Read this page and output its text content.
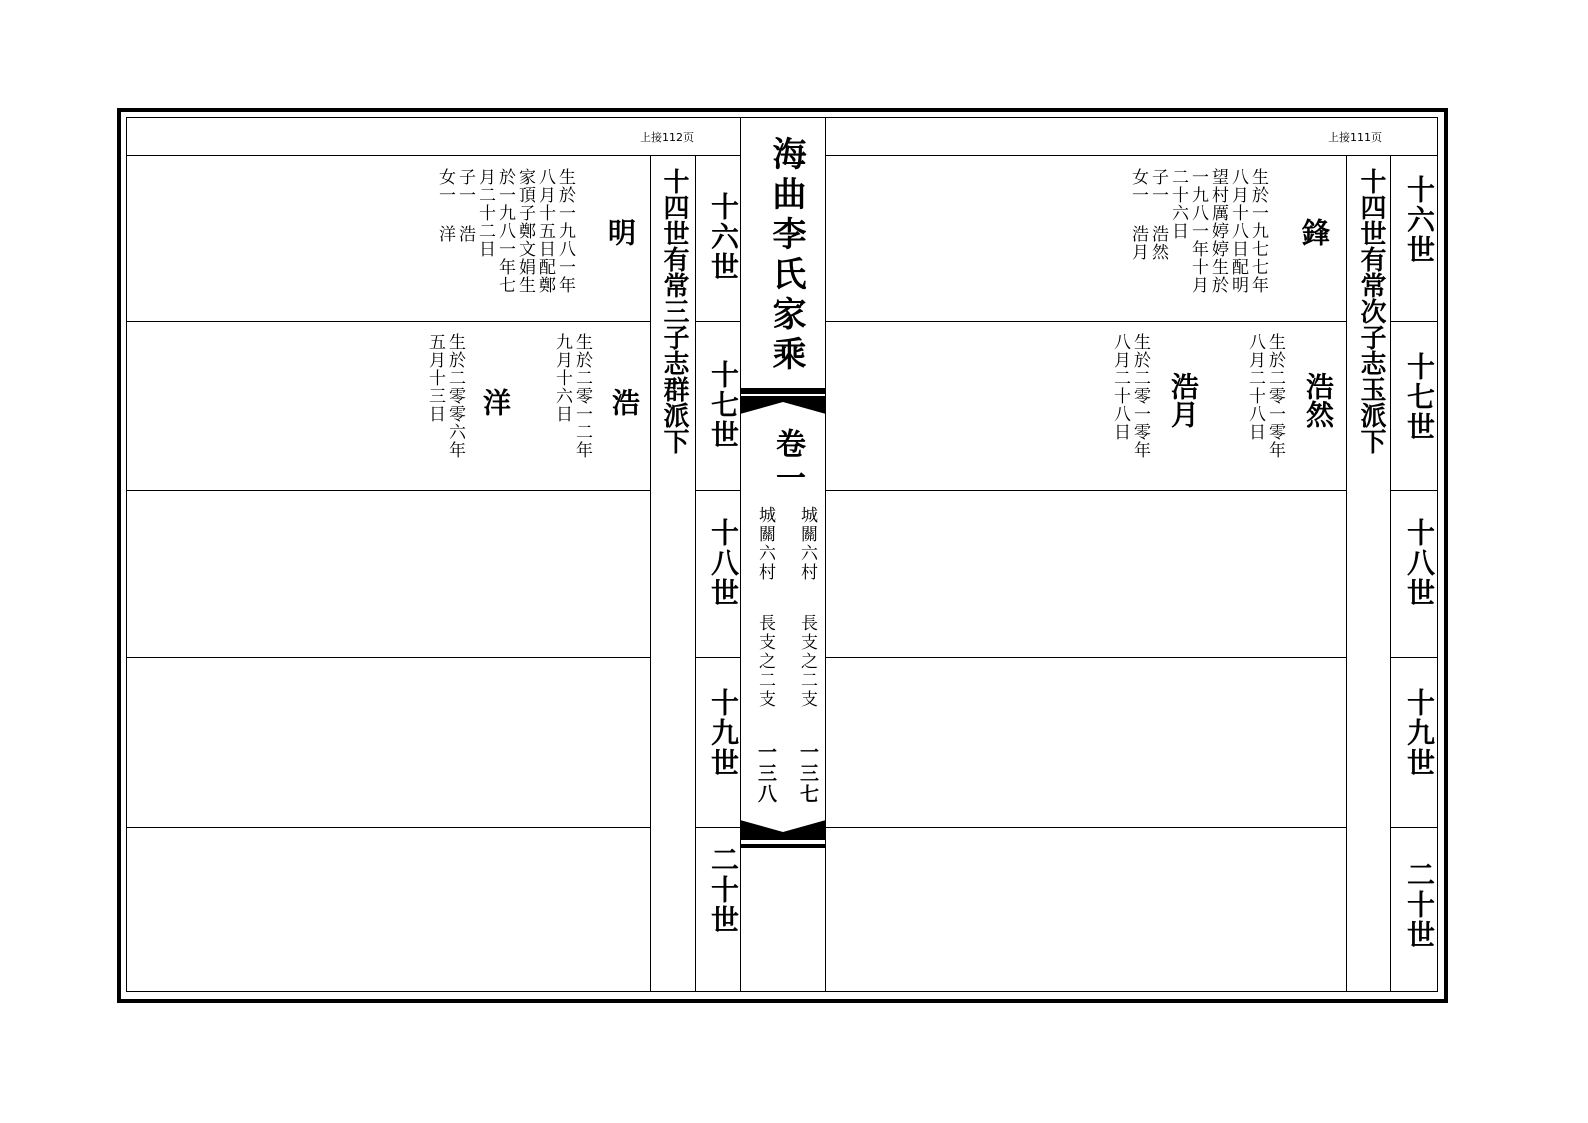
上接112页	上接111页
十四世有常三子志群派下	十四世有常次子志玉派下
十六世
十七世
十八世
十九世
二十世
十六世
十七世
十八世
十九世
二十世
海曲李氏家乘
卷一
城關六村
長支之二支
一三七
城關六村
長支之二支
一三八
明
生於一九八一年
八月十五日配鄭
家頂子鄭文娟生
於一九八一年七
月二十二日
子一 浩
女一 洋
浩
生於二零一二年
九月十六日
洋
生於二零零六年
五月十三日
鋒
生於一九七七年
八月十八日配明
望村厲婷婷生於
一九八一年十月
二十六日
子一 浩然
女一 浩月
浩然
生於二零一零年
八月二十八日
浩月
生於二零一零年
八月二十八日
